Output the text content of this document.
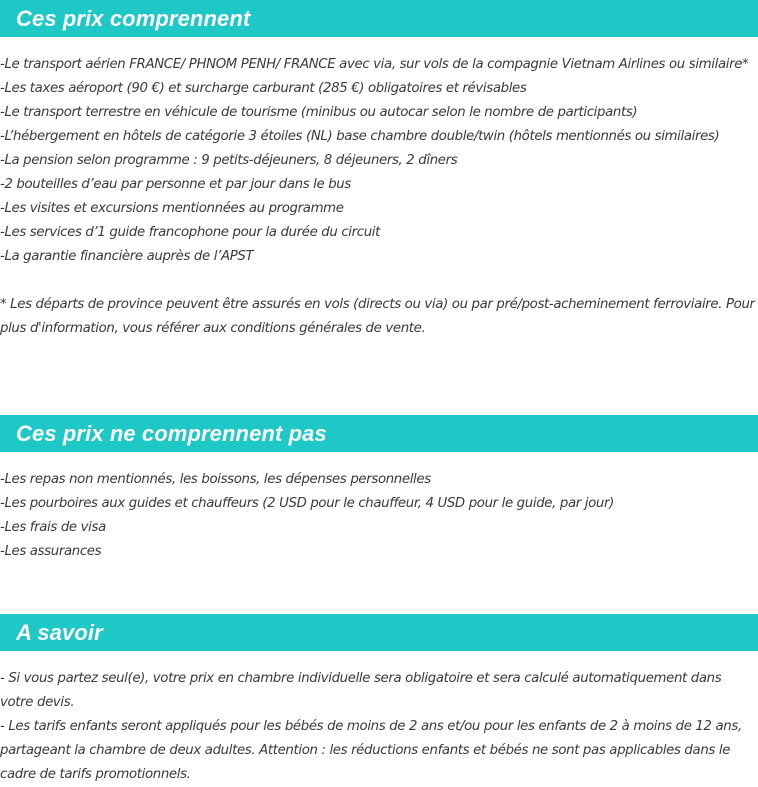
Ces prix comprennent
-Le transport aérien FRANCE/ PHNOM PENH/ FRANCE avec via, sur vols de la compagnie Vietnam Airlines ou similaire*
-Les taxes aéroport (90 €) et surcharge carburant (285 €) obligatoires et révisables
-Le transport terrestre en véhicule de tourisme (minibus ou autocar selon le nombre de participants)
-L’hébergement en hôtels de catégorie 3 étoiles (NL) base chambre double/twin (hôtels mentionnés ou similaires)
-La pension selon programme : 9 petits-déjeuners, 8 déjeuners, 2 dîners
-2 bouteilles d’eau par personne et par jour dans le bus
-Les visites et excursions mentionnées au programme
-Les services d’1 guide francophone pour la durée du circuit
-La garantie financière auprès de l’APST
* Les départs de province peuvent être assurés en vols (directs ou via) ou par pré/post-acheminement ferroviaire. Pour plus d'information, vous référer aux conditions générales de vente.
Ces prix ne comprennent pas
-Les repas non mentionnés, les boissons, les dépenses personnelles
-Les pourboires aux guides et chauffeurs (2 USD pour le chauffeur, 4 USD pour le guide, par jour)
-Les frais de visa
-Les assurances
A savoir
- Si vous partez seul(e), votre prix en chambre individuelle sera obligatoire et sera calculé automatiquement dans votre devis.
- Les tarifs enfants seront appliqués pour les bébés de moins de 2 ans et/ou pour les enfants de 2 à moins de 12 ans, partageant la chambre de deux adultes. Attention : les réductions enfants et bébés ne sont pas applicables dans le cadre de tarifs promotionnels.
